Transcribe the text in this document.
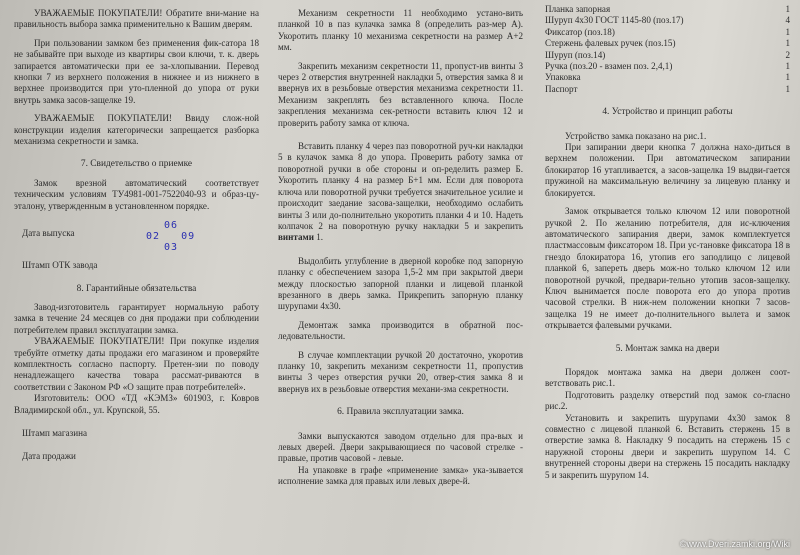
УВАЖАЕМЫЕ ПОКУПАТЕЛИ! Обратите вни-мание на правильность выбора замка применительно к Вашим дверям.

При пользовании замком без применения фик-сатора 18 не забывайте при выходе из квартиры свои ключи, т. к. дверь запирается автоматически при ее за-хлопывании. Перевод кнопки 7 из верхнего положения в нижнее и из нижнего в верхнее производится при уто-пленной до упора от руки внутрь замка засов-защелке 19.

УВАЖАЕМЫЕ ПОКУПАТЕЛИ! Ввиду слож-ной конструкции изделия категорически запрещается разборка механизма секретности и замка.

7. Свидетельство о приемке

Замок врезной автоматический соответствует техническим условиям ТУ4981-001-7522040-93 и образ-цу-эталону, утвержденным в установленном порядке.

Дата выпуска
06
02   09
03

Штамп ОТК завода

8. Гарантийные обязательства

Завод-изготовитель гарантирует нормальную работу замка в течение 24 месяцев со дня продажи при соблюдении потребителем правил эксплуатации замка.

УВАЖАЕМЫЕ ПОКУПАТЕЛИ! При покупке изделия требуйте отметку даты продажи его магазином и проверяйте комплектность согласно паспорту. Претен-зии по поводу ненадлежащего качества товара рассмат-риваются в соответствии с Законом РФ «О защите прав потребителей».

Изготовитель: ООО «ТД «КЭМЗ» 601903, г. Ковров Владимирской обл., ул. Крупской, 55.

Штамп магазина

Дата продажи

Механизм секретности 11 необходимо устано-вить планкой 10 в паз кулачка замка 8 (определить раз-мер А). Укоротить планку 10 механизма секретности на размер А+2 мм.

Закрепить механизм секретности 11, пропуст-ив винты 3 через 2 отверстия внутренней накладки 5, отверстия замка 8 и ввернув их в резьбовые отверстия механизма секретности 11. Механизм закреплять без вставленного ключа. После закрепления механизма сек-ретности вставить ключ 12 и проверить работу замка от ключа.

Вставить планку 4 через паз поворотной руч-ки накладки 5 в кулачок замка 8 до упора. Проверить работу замка от поворотной ручки в обе стороны и оп-ределить размер Б. Укоротить планку 4 на размер Б+1 мм. Если для поворота ключа или поворотной ручки требуется значительное усилие и происходит заедание засова-защелки, необходимо ослабить винты 3 или до-полнительно укоротить планки 4 и 10. Надеть колпачок 2 на поворотную ручку накладки 5 и закрепить винтами 1.

Выдолбить углубление в дверной коробке под запорную планку с обеспечением зазора 1,5-2 мм при закрытой двери между плоскостью запорной планки и лицевой планкой врезанного в дверь замка. Прикрепить запорную планку шурупами 4х30.

Демонтаж замка производится в обратной пос-ледовательности.

В случае комплектации ручкой 20 достаточно, укоротив планку 10, закрепить механизм секретности 11, пропустив винты 3 через отверстия ручки 20, отвер-стия замка 8 и ввернув их в резьбовые отверстия механи-зма секретности.

6. Правила эксплуатации замка.

Замки выпускаются заводом отдельно для пра-вых и левых дверей. Двери закрывающиеся по часовой стрелке - правые, против часовой - левые.

На упаковке в графе «применение замка» ука-зывается исполнение замка для правых или левых двере-й.

Планка запорная	1
Шуруп 4х30 ГОСТ 1145-80 (поз.17)	4
Фиксатор (поз.18)	1
Стержень фалевых ручек (поз.15)	1
Шуруп (поз.14)	2
Ручка (поз.20 - взамен поз. 2,4,1)	1
Упаковка	1
Паспорт	1
4. Устройство и принцип работы

Устройство замка показано на рис.1.

При запирании двери кнопка 7 должна нахо-диться в верхнем положении. При автоматическом запирании блокиратор 16 утапливается, а засов-защелка 19 выдви-гается пружиной на максимальную величину за лицевую планку и блокируется.

Замок открывается только ключом 12 или поворотной ручкой 2. По желанию потребителя, для ис-ключения автоматического запирания двери, замок комплектуется пластмассовым фиксатором 18. При ус-тановке фиксатора 18 в гнездо блокиратора 16, утопив его заподлицо с лицевой планкой 6, запереть дверь мож-но только ключом 12 или поворотной ручкой, предвари-тельно утопив засов-защелку. Ключ вынимается после поворота его до упора против часовой стрелки. В ниж-нем положении кнопки 7 засов-защелка 19 не имеет до-полнительного вылета и замок открывается фалевыми ручками.

5. Монтаж замка на двери

Порядок монтажа замка на двери должен соот-ветствовать рис.1.

Подготовить разделку отверстий под замок со-гласно рис.2.

Установить и закрепить шурупами 4х30 замок 8 совместно с лицевой планкой 6. Вставить стержень 15 в отверстие замка 8. Накладку 9 посадить на стержень 15 с наружной стороны двери и закрепить шурупом 14. С внутренней стороны двери на стержень 15 посадить накладку 5 и закрепить шурупом 14.

©www.Dveri.zamki.org/Wiki
